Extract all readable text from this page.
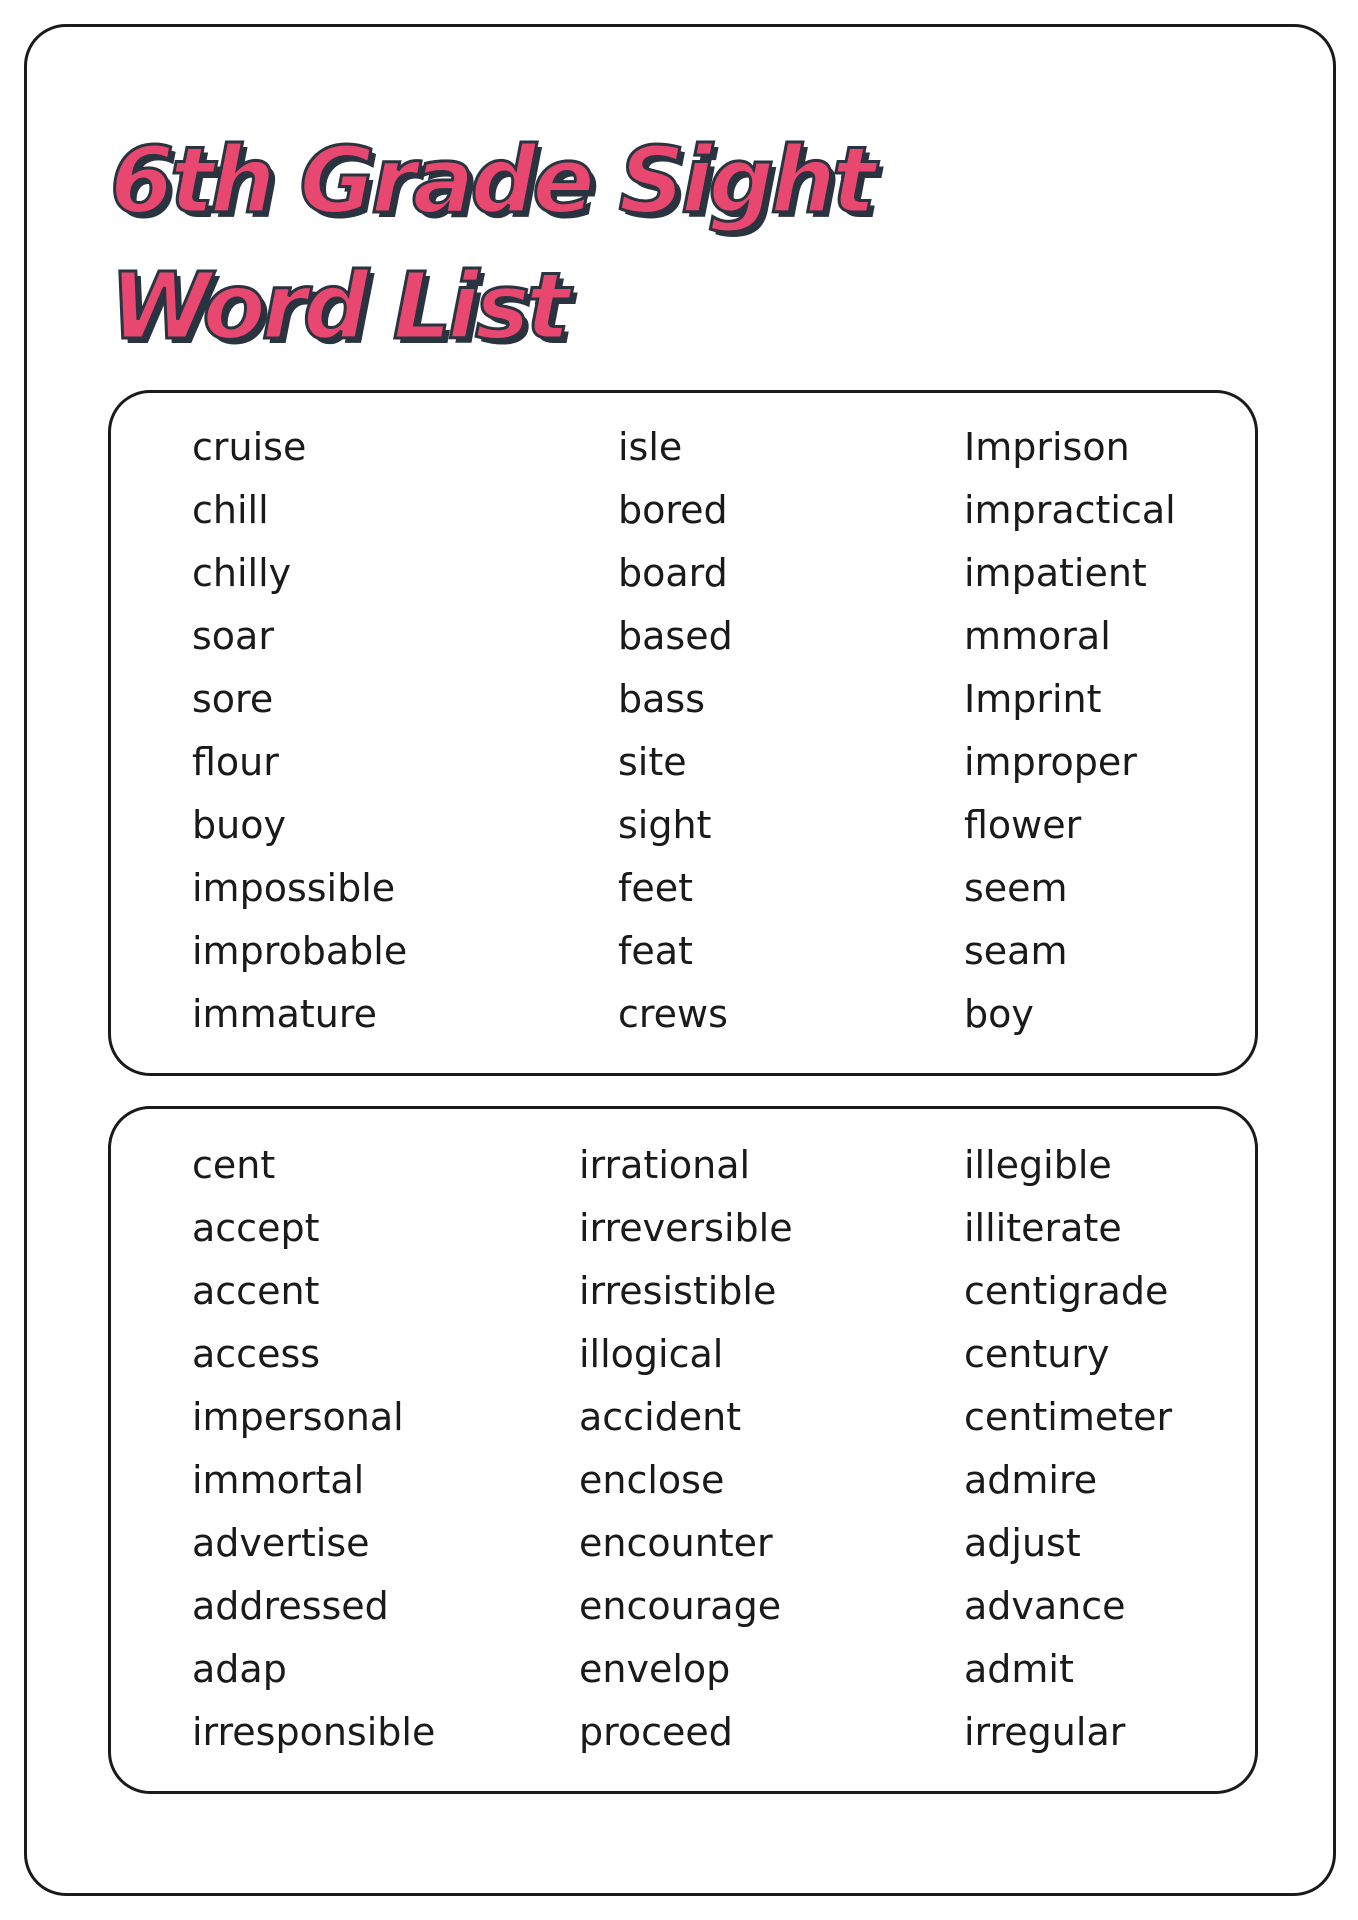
6th Grade Sight
Word List
cruise
chill
chilly
soar
sore
flour
buoy
impossible
improbable
immature
isle
bored
board
based
bass
site
sight
feet
feat
crews
Imprison
impractical
impatient
mmoral
Imprint
improper
flower
seem
seam
boy
cent
accept
accent
access
impersonal
immortal
advertise
addressed
adap
irresponsible
irrational
irreversible
irresistible
illogical
accident
enclose
encounter
encourage
envelop
proceed
illegible
illiterate
centigrade
century
centimeter
admire
adjust
advance
admit
irregular
